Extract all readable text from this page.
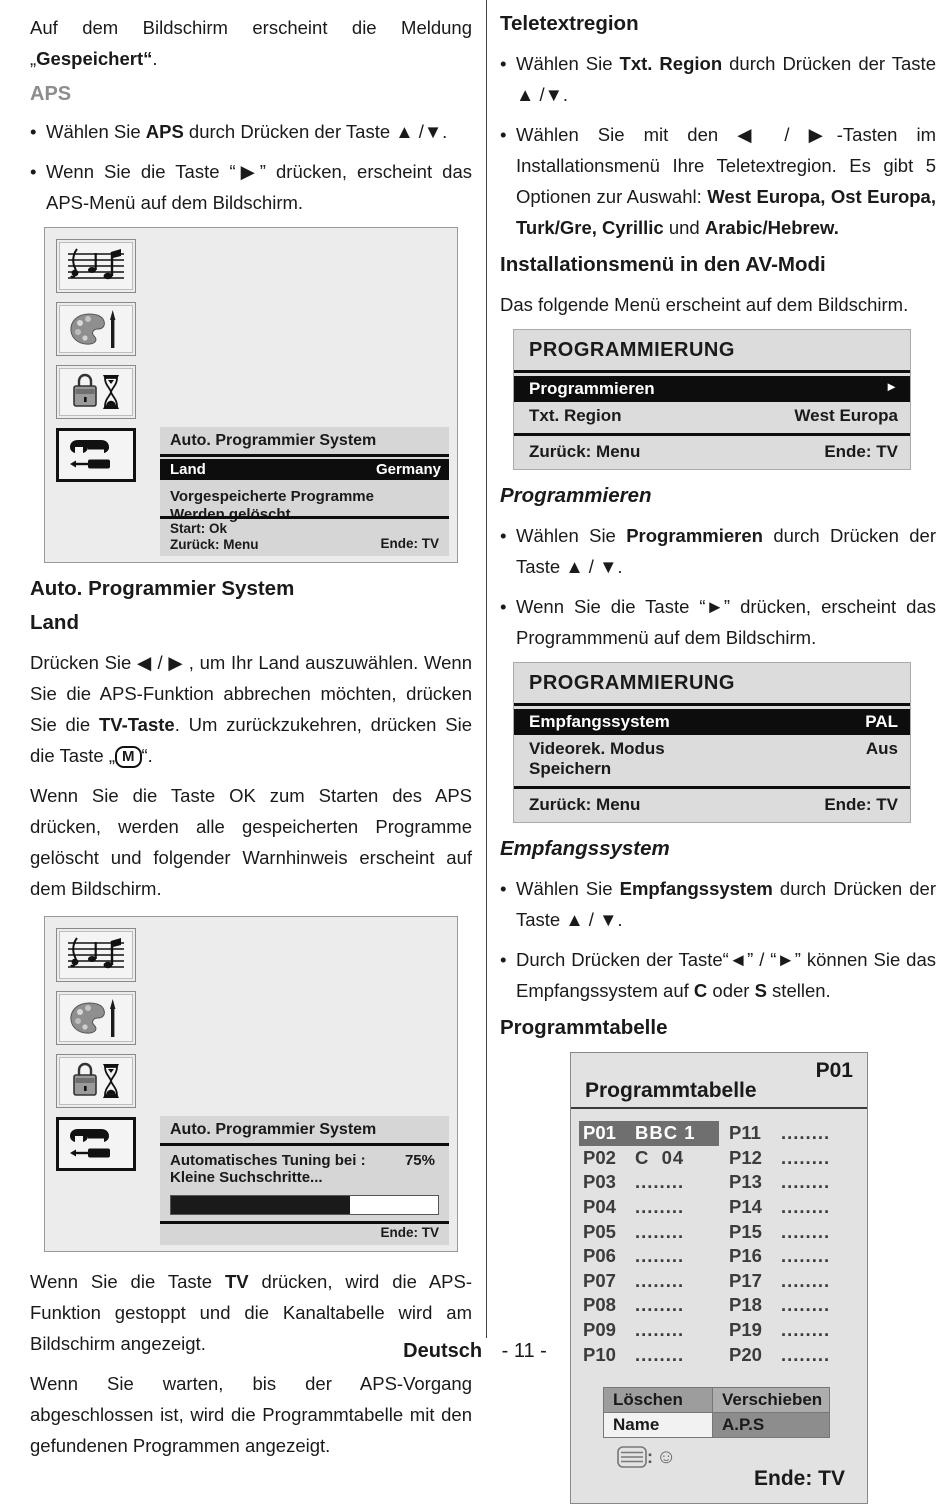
Auf dem Bildschirm erscheint die Meldung „Gespeichert“.

APS
• Wählen Sie APS durch Drücken der Taste ▲ /▼.
• Wenn Sie die Taste “▶” drücken, erscheint das APS-Menü auf dem Bildschirm.
Auto. Programmier System
Land	Germany
Vorgespeicherte Programme
Werden gelöscht
Start: Ok
Zurück: Menu	Ende: TV
Auto. Programmier System
Land

Drücken Sie ◀ / ▶ , um Ihr Land auszuwählen. Wenn Sie die APS-Funktion abbrechen möchten, drücken Sie die TV-Taste. Um zurückzukehren, drücken Sie die Taste „ M “.

Wenn Sie die Taste OK zum Starten des APS drücken, werden alle gespeicherten Programme gelöscht und folgender Warnhinweis erscheint auf dem Bildschirm.

Auto. Programmier System
Automatisches Tuning bei :	75%
Kleine Suchschritte...
Ende: TV

Wenn Sie die Taste TV drücken, wird die APS-Funktion gestoppt und die Kanaltabelle wird am Bildschirm angezeigt.

Wenn Sie warten, bis der APS-Vorgang abgeschlossen ist, wird die Programmtabelle mit den gefundenen Programmen angezeigt.

Teletextregion
• Wählen Sie Txt. Region durch Drücken der Taste ▲ /▼.
• Wählen Sie mit den ◀ / ▶-Tasten im Installationsmenü Ihre Teletextregion. Es gibt 5 Optionen zur Auswahl: West Europa, Ost Europa, Turk/Gre, Cyrillic und Arabic/Hebrew.
Installationsmenü in den AV-Modi

Das folgende Menü erscheint auf dem Bildschirm.

PROGRAMMIERUNG
Programmieren	►
Txt. Region	West Europa
Zurück: Menu	Ende: TV
Programmieren
• Wählen Sie Programmieren durch Drücken der Taste ▲ / ▼.
• Wenn Sie die Taste “►” drücken, erscheint das Programmmenü auf dem Bildschirm.
PROGRAMMIERUNG
Empfangssystem	PAL
Videorek. Modus	Aus
Speichern
Zurück: Menu	Ende: TV
Empfangssystem
• Wählen Sie Empfangssystem durch Drücken der Taste ▲ / ▼.
• Durch Drücken der Taste“◄” / “►” können Sie das Empfangssystem auf C oder S stellen.
Programmtabelle
P01
Programmtabelle
P01	BBC 1
P02	C  04
P03	........
P04	........
P05	........
P06	........
P07	........
P08	........
P09	........
P10	........
P11	........
P12	........
P13	........
P14	........
P15	........
P16	........
P17	........
P18	........
P19	........
P20	........
Löschen	Verschieben
Name	A.P.S
: ☺
Ende: TV
Deutsch - 11 -
